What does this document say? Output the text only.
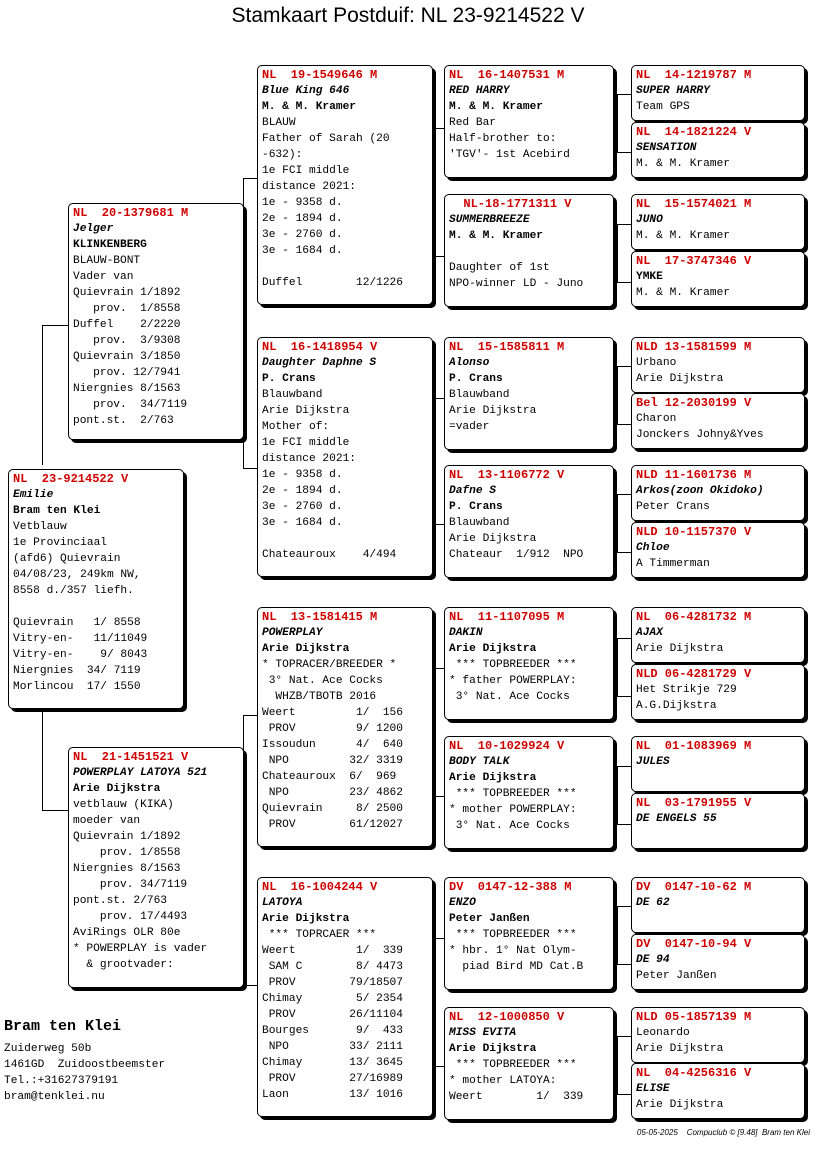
Stamkaart Postduif: NL 23-9214522 V
NL  23-9214522 V
Emilie
Bram ten Klei
Vetblauw
1e Provinciaal
(afd6) Quievrain
04/08/23, 249km NW,
8558 d./357 liefh.
Quievrain   1/ 8558
Vitry-en-   11/11049
Vitry-en-    9/ 8043
Niergnies  34/ 7119
Morlincou  17/ 1550
NL  20-1379681 M
Jelger
KLINKENBERG
BLAUW-BONT
Vader van
Quievrain 1/1892
prov.  1/8558
Duffel    2/2220
prov.  3/9308
Quievrain 3/1850
prov. 12/7941
Niergnies 8/1563
prov.  34/7119
pont.st.  2/763
NL  21-1451521 V
POWERPLAY LATOYA 521
Arie Dijkstra
vetblauw (KIKA)
moeder van
Quievrain 1/1892
prov. 1/8558
Niergnies 8/1563
prov. 34/7119
pont.st. 2/763
prov. 17/4493
AviRings OLR 80e
* POWERPLAY is vader
& grootvader:
NL  19-1549646 M
Blue King 646
M. & M. Kramer
BLAUW
Father of Sarah (20
-632):
1e FCI middle
distance 2021:
1e - 9358 d.
2e - 1894 d.
3e - 2760 d.
3e - 1684 d.
Duffel        12/1226
NL  16-1418954 V
Daughter Daphne S
P. Crans
Blauwband
Arie Dijkstra
Mother of:
1e FCI middle
distance 2021:
1e - 9358 d.
2e - 1894 d.
3e - 2760 d.
3e - 1684 d.
Chateauroux    4/494
NL  13-1581415 M
POWERPLAY
Arie Dijkstra
* TOPRACER/BREEDER *
3° Nat. Ace Cocks
WHZB/TBOTB 2016
Weert         1/  156
PROV         9/ 1200
Issoudun      4/  640
NPO         32/ 3319
Chateauroux  6/  969
NPO         23/ 4862
Quievrain     8/ 2500
PROV        61/12027
NL  16-1004244 V
LATOYA
Arie Dijkstra
*** TOPRCAER ***
Weert         1/  339
SAM C        8/ 4473
PROV        79/18507
Chimay        5/ 2354
PROV        26/11104
Bourges       9/  433
NPO         33/ 2111
Chimay       13/ 3645
PROV        27/16989
Laon         13/ 1016
NL  16-1407531 M
RED HARRY
M. & M. Kramer
Red Bar
Half-brother to:
'TGV'- 1st Acebird
NL-18-1771311 V
SUMMERBREEZE
M. & M. Kramer
Daughter of 1st
NPO-winner LD - Juno
NL  15-1585811 M
Alonso
P. Crans
Blauwband
Arie Dijkstra
=vader
NL  13-1106772 V
Dafne S
P. Crans
Blauwband
Arie Dijkstra
Chateaur  1/912  NPO
NL  11-1107095 M
DAKIN
Arie Dijkstra
*** TOPBREEDER ***
* father POWERPLAY:
3° Nat. Ace Cocks
NL  10-1029924 V
BODY TALK
Arie Dijkstra
*** TOPBREEDER ***
* mother POWERPLAY:
3° Nat. Ace Cocks
DV  0147-12-388 M
ENZO
Peter Janßen
*** TOPBREEDER ***
* hbr. 1° Nat Olym-
piad Bird MD Cat.B
NL  12-1000850 V
MISS EVITA
Arie Dijkstra
*** TOPBREEDER ***
* mother LATOYA:
Weert        1/  339
NL  14-1219787 M
SUPER HARRY
Team GPS
NL  14-1821224 V
SENSATION
M. & M. Kramer
NL  15-1574021 M
JUNO
M. & M. Kramer
NL  17-3747346 V
YMKE
M. & M. Kramer
NLD 13-1581599 M
Urbano
Arie Dijkstra
Bel 12-2030199 V
Charon
Jonckers Johny&Yves
NLD 11-1601736 M
Arkos(zoon Okidoko)
Peter Crans
NLD 10-1157370 V
Chloe
A Timmerman
NL  06-4281732 M
AJAX
Arie Dijkstra
NLD 06-4281729 V
Het Strikje 729
A.G.Dijkstra
NL  01-1083969 M
JULES
NL  03-1791955 V
DE ENGELS 55
DV  0147-10-62 M
DE 62
DV  0147-10-94 V
DE 94
Peter Janßen
NLD 05-1857139 M
Leonardo
Arie Dijkstra
NL  04-4256316 V
ELISE
Arie Dijkstra
Bram ten Klei
Zuiderweg 50b
1461GD  Zuidoostbeemster
Tel.:+31627379191
bram@tenklei.nu
05-05-2025    Compuclub © [9.48]  Bram ten Klei
